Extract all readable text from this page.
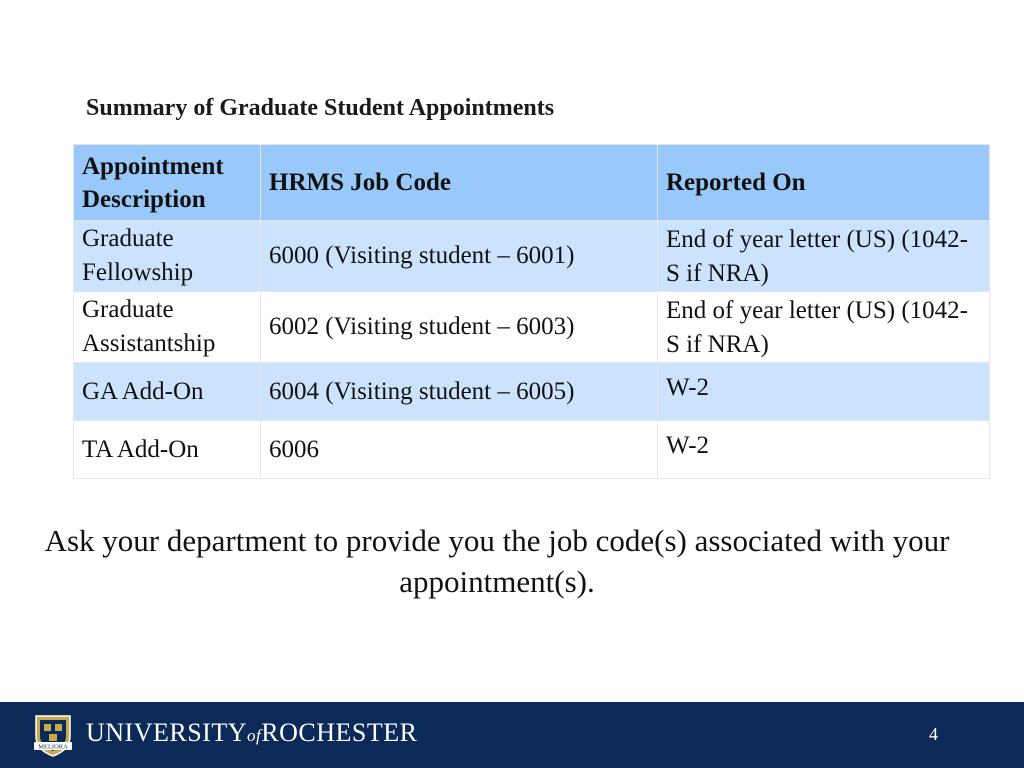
Summary of Graduate Student Appointments
Appointment Description	HRMS Job Code	Reported On
Graduate Fellowship	6000 (Visiting student – 6001)	End of year letter (US) (1042-S if NRA)
Graduate Assistantship	6002 (Visiting student – 6003)	End of year letter (US) (1042-S if NRA)
GA Add-On	6004 (Visiting student – 6005)	W-2
TA Add-On	6006	W-2
Ask your department to provide you the job code(s) associated with your appointment(s).
MELIORA UNIVERSITYofROCHESTER	4
